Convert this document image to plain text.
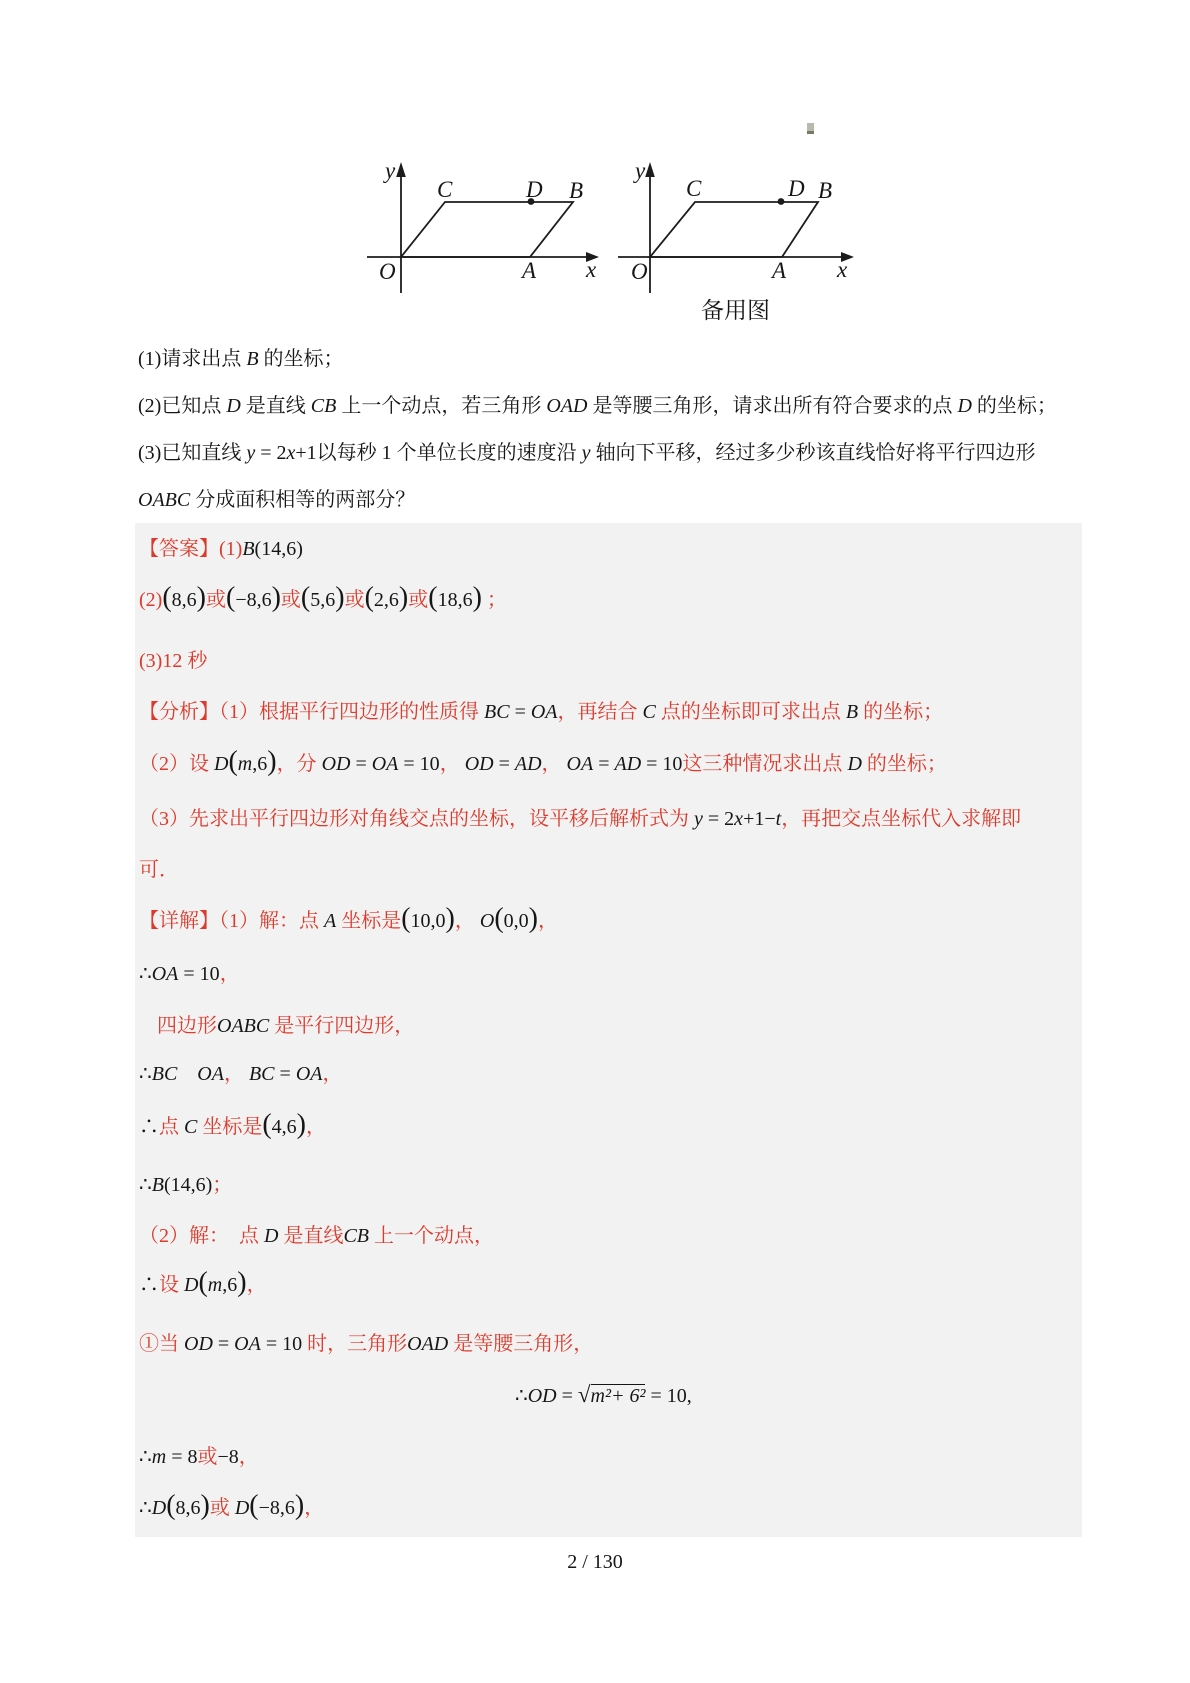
y
O
C	D B
A x
y
O
C	D B
A x
备用图
(1)请求出点 B 的坐标；
(2)已知点 D 是直线 CB 上一个动点，若三角形 OAD 是等腰三角形，请求出所有符合要求的点 D 的坐标；
(3)已知直线 y = 2x+1以每秒 1 个单位长度的速度沿 y 轴向下平移，经过多少秒该直线恰好将平行四边形
OABC 分成面积相等的两部分？
【答案】(1)B(14,6)
(2)(8,6)或(−8,6)或(5,6)或(2,6)或(18,6) ；
(3)12 秒
【分析】（1）根据平行四边形的性质得 BC = OA，再结合 C 点的坐标即可求出点 B 的坐标；
（2）设 D(m,6)，分 OD = OA = 10， OD = AD， OA = AD = 10这三种情况求出点 D 的坐标；
（3）先求出平行四边形对角线交点的坐标，设平移后解析式为 y = 2x+1−t，再把交点坐标代入求解即
可．
【详解】（1）解：点 A 坐标是(10,0)， O(0,0)，
∴OA = 10，
四边形OABC 是平行四边形，
∴BC　 OA， BC = OA，
∴点 C 坐标是(4,6)，
∴B(14,6)；
（2）解：　点 D 是直线CB 上一个动点，
∴设 D(m,6)，
①当 OD = OA = 10 时，三角形OAD 是等腰三角形，
∴OD = √m²+ 6² = 10,
∴m = 8或−8，
∴D(8,6)或 D(−8,6)，
2 / 130
